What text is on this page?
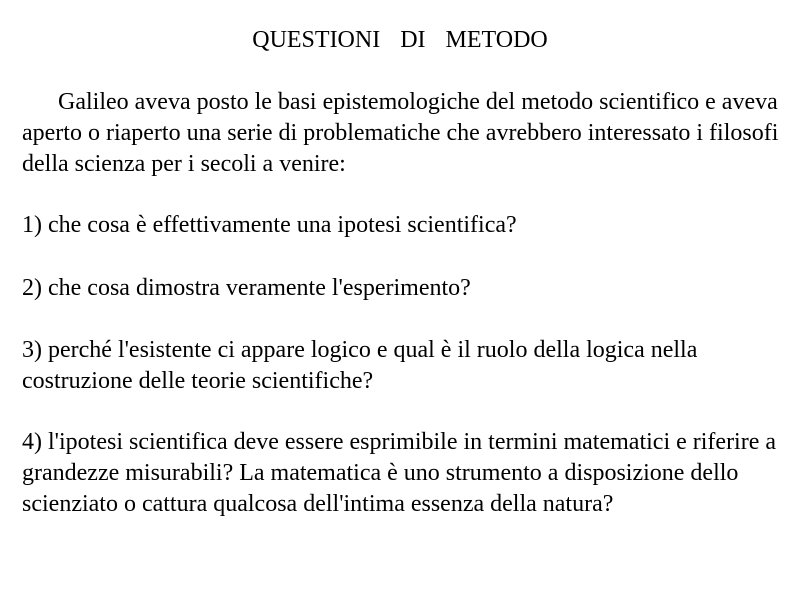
QUESTIONI  DI  METODO

Galileo aveva posto le basi epistemologiche del metodo scientifico e aveva aperto o riaperto una serie di problematiche che avrebbero interessato i filosofi della scienza per i secoli a venire:

1) che cosa è effettivamente una ipotesi scientifica?

2) che cosa dimostra veramente l'esperimento?

3) perché l'esistente ci appare logico e qual è il ruolo della logica nella costruzione delle teorie scientifiche?

4) l'ipotesi scientifica deve essere esprimibile in termini matematici e riferire a grandezze misurabili? La matematica è uno strumento a disposizione dello scienziato o cattura qualcosa dell'intima essenza della natura?
